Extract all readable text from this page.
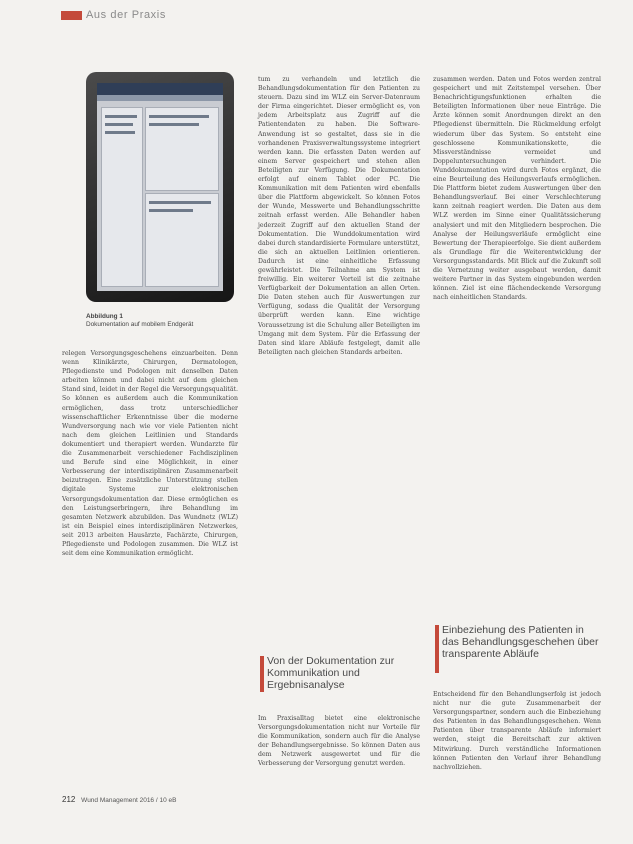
Aus der Praxis
Abbildung 1
Dokumentation auf mobilem Endgerät

relegen Versorgungsgeschehens einzuarbeiten. Denn wenn Klinikärzte, Chirurgen, Dermatologen, Pflegedienste und Podologen mit denselben Daten arbeiten können und dabei nicht auf dem gleichen Stand sind, leidet in der Regel die Versorgungsqualität. So können es außerdem auch die Kommunikation ermöglichen, dass trotz unterschiedlicher wissenschaftlicher Erkenntnisse über die moderne Wundversorgung nach wie vor viele Patienten nicht nach dem gleichen Leitlinien und Standards dokumentiert und therapiert werden. Wundarzte für die Zusammenarbeit verschiedener Fachdisziplinen und Berufe sind eine Möglichkeit, in einer Verbesserung der interdisziplinären Zusammenarbeit beizutragen. Eine zusätzliche Unterstützung stellen digitale Systeme zur elektronischen Versorgungsdokumentation dar. Diese ermöglichen es den Leistungserbringern, ihre Behandlung im gesamten Netzwerk abzubilden. Das Wundnetz (WLZ) ist ein Beispiel eines interdisziplinären Netzwerkes, seit 2013 arbeiten Hausärzte, Fachärzte, Chirurgen, Pflegedienste und Podologen zusammen. Die WLZ ist seit dem eine Kommunikation ermöglicht.

tum zu verhandeln und letztlich die Behandlungsdokumentation für den Patienten zu steuern. Dazu sind im WLZ ein Server-Datenraum der Firma eingerichtet. Dieser ermöglicht es, von jedem Arbeitsplatz aus Zugriff auf die Patientendaten zu haben. Die Software-Anwendung ist so gestaltet, dass sie in die vorhandenen Praxisverwaltungssysteme integriert werden kann. Die erfassten Daten werden auf einem Server gespeichert und stehen allen Beteiligten zur Verfügung. Die Dokumentation erfolgt auf einem Tablet oder PC. Die Kommunikation mit dem Patienten wird ebenfalls über die Plattform abgewickelt. So können Fotos der Wunde, Messwerte und Behandlungsschritte zeitnah erfasst werden. Alle Behandler haben jederzeit Zugriff auf den aktuellen Stand der Dokumentation. Die Wunddokumentation wird dabei durch standardisierte Formulare unterstützt, die sich an aktuellen Leitlinien orientieren. Dadurch ist eine einheitliche Erfassung gewährleistet. Die Teilnahme am System ist freiwillig. Ein weiterer Vorteil ist die zeitnahe Verfügbarkeit der Dokumentation an allen Orten. Die Daten stehen auch für Auswertungen zur Verfügung, sodass die Qualität der Versorgung überprüft werden kann. Eine wichtige Voraussetzung ist die Schulung aller Beteiligten im Umgang mit dem System. Für die Erfassung der Daten sind klare Abläufe festgelegt, damit alle Beteiligten nach gleichen Standards arbeiten.

zusammen werden. Daten und Fotos werden zentral gespeichert und mit Zeitstempel versehen. Über Benachrichtigungsfunktionen erhalten die Beteiligten Informationen über neue Einträge. Die Ärzte können somit Anordnungen direkt an den Pflegedienst übermitteln. Die Rückmeldung erfolgt wiederum über das System. So entsteht eine geschlossene Kommunikationskette, die Missverständnisse vermeidet und Doppeluntersuchungen verhindert. Die Wunddokumentation wird durch Fotos ergänzt, die eine Beurteilung des Heilungsverlaufs ermöglichen. Die Plattform bietet zudem Auswertungen über den Behandlungsverlauf. Bei einer Verschlechterung kann zeitnah reagiert werden. Die Daten aus dem WLZ werden im Sinne einer Qualitätssicherung analysiert und mit den Mitgliedern besprochen. Die Analyse der Heilungsverläufe ermöglicht eine Bewertung der Therapieerfolge. Sie dient außerdem als Grundlage für die Weiterentwicklung der Versorgungsstandards. Mit Blick auf die Zukunft soll die Vernetzung weiter ausgebaut werden, damit weitere Partner in das System eingebunden werden können. Ziel ist eine flächendeckende Versorgung nach einheitlichen Standards.

Von der Dokumentation zur Kommunikation und Ergebnisanalyse
Einbeziehung des Patienten in das Behandlungsgeschehen über transparente Abläufe

Im Praxisalltag bietet eine elektronische Versorgungsdokumentation nicht nur Vorteile für die Kommunikation, sondern auch für die Analyse der Behandlungsergebnisse. So können Daten aus dem Netzwerk ausgewertet und für die Verbesserung der Versorgung genutzt werden.

Entscheidend für den Behandlungserfolg ist jedoch nicht nur die gute Zusammenarbeit der Versorgungspartner, sondern auch die Einbeziehung des Patienten in das Behandlungsgeschehen. Wenn Patienten über transparente Abläufe informiert werden, steigt die Bereitschaft zur aktiven Mitwirkung. Durch verständliche Informationen können Patienten den Verlauf ihrer Behandlung nachvollziehen.

212 Wund Management 2016 / 10 eB
